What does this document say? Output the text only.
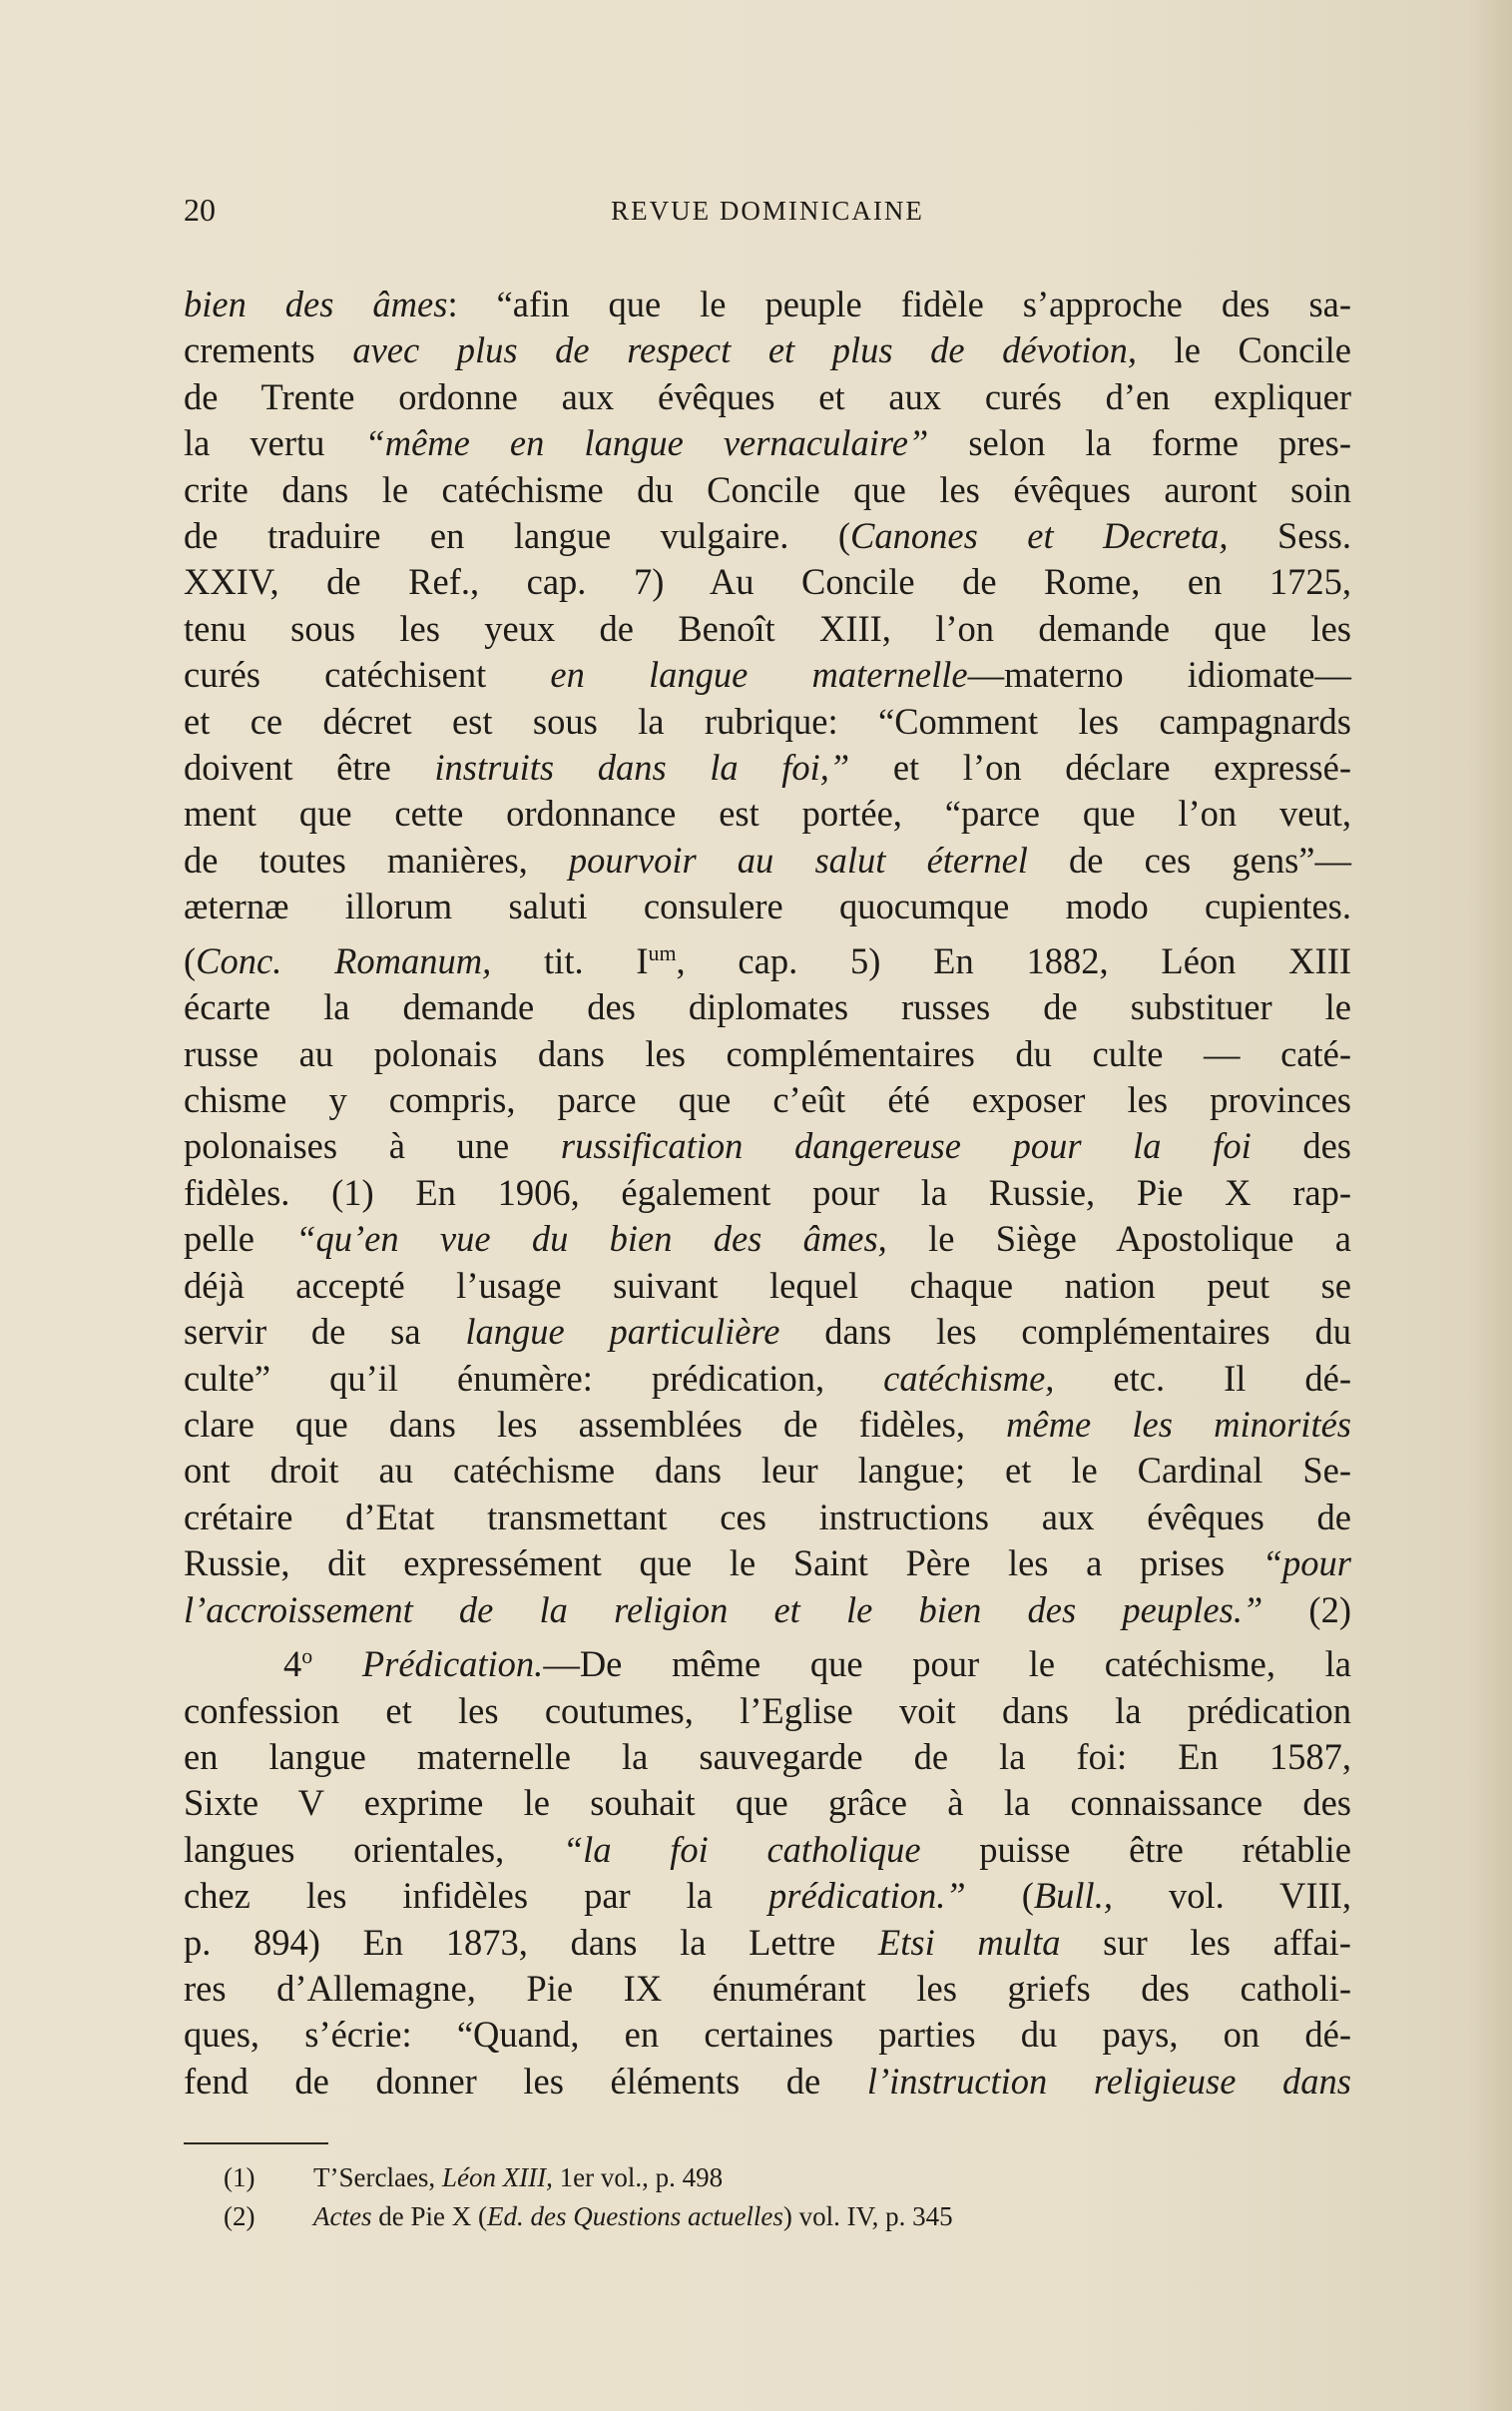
20	REVUE DOMINICAINE
bien des âmes: “afin que le peuple fidèle s’approche des sa-
crements avec plus de respect et plus de dévotion, le Concile
de Trente ordonne aux évêques et aux curés d’en expliquer
la vertu “même en langue vernaculaire” selon la forme pres-
crite dans le catéchisme du Concile que les évêques auront soin
de traduire en langue vulgaire. (Canones et Decreta, Sess.
XXIV, de Ref., cap. 7) Au Concile de Rome, en 1725,
tenu sous les yeux de Benoît XIII, l’on demande que les
curés catéchisent en langue maternelle—materno idiomate—
et ce décret est sous la rubrique: “Comment les campagnards
doivent être instruits dans la foi,” et l’on déclare expressé-
ment que cette ordonnance est portée, “parce que l’on veut,
de toutes manières, pourvoir au salut éternel de ces gens”—
æternæ illorum saluti consulere quocumque modo cupientes.
(Conc. Romanum, tit. $I^{um}$, cap. 5) En 1882, Léon XIII
écarte la demande des diplomates russes de substituer le
russe au polonais dans les complémentaires du culte — caté-
chisme y compris, parce que c’eût été exposer les provinces
polonaises à une russification dangereuse pour la foi des
fidèles. (1) En 1906, également pour la Russie, Pie X rap-
pelle “qu’en vue du bien des âmes, le Siège Apostolique a
déjà accepté l’usage suivant lequel chaque nation peut se
servir de sa langue particulière dans les complémentaires du
culte” qu’il énumère: prédication, catéchisme, etc. Il dé-
clare que dans les assemblées de fidèles, même les minorités
ont droit au catéchisme dans leur langue; et le Cardinal Se-
crétaire d’Etat transmettant ces instructions aux évêques de
Russie, dit expressément que le Saint Père les a prises “pour
l’accroissement de la religion et le bien des peuples.” (2)
4$^o$ Prédication.—De même que pour le catéchisme, la
confession et les coutumes, l’Eglise voit dans la prédication
en langue maternelle la sauvegarde de la foi: En 1587,
Sixte V exprime le souhait que grâce à la connaissance des
langues orientales, “la foi catholique puisse être rétablie
chez les infidèles par la prédication.” (Bull., vol. VIII,
p. 894) En 1873, dans la Lettre Etsi multa sur les affai-
res d’Allemagne, Pie IX énumérant les griefs des catholi-
ques, s’écrie: “Quand, en certaines parties du pays, on dé-
fend de donner les éléments de l’instruction religieuse dans
(1)	T’Serclaes, Léon XIII, 1er vol., p. 498
(2)	Actes de Pie X (Ed. des Questions actuelles) vol. IV, p. 345
